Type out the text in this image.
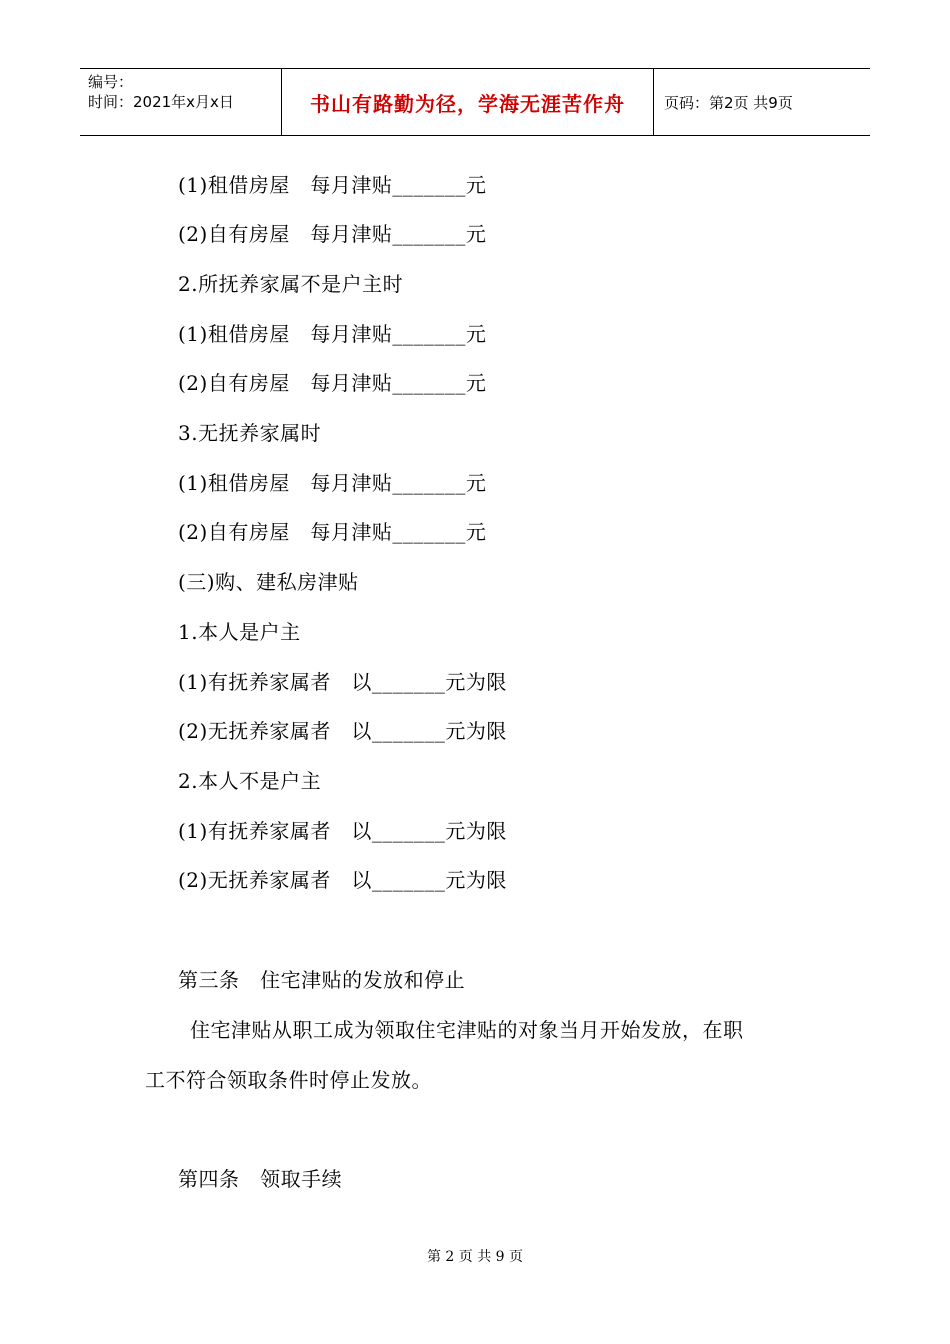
编号：
时间：2021年x月x日	书山有路勤为径，学海无涯苦作舟	页码：第2页 共9页
(1)租借房屋   每月津贴_______元
(2)自有房屋   每月津贴_______元
2.所抚养家属不是户主时
(1)租借房屋   每月津贴_______元
(2)自有房屋   每月津贴_______元
3.无抚养家属时
(1)租借房屋   每月津贴_______元
(2)自有房屋   每月津贴_______元
(三)购、建私房津贴
1.本人是户主
(1)有抚养家属者   以_______元为限
(2)无抚养家属者   以_______元为限
2.本人不是户主
(1)有抚养家属者   以_______元为限
(2)无抚养家属者   以_______元为限
第三条   住宅津贴的发放和停止
住宅津贴从职工成为领取住宅津贴的对象当月开始发放，在职
工不符合领取条件时停止发放。
第四条   领取手续
第 2 页 共 9 页
